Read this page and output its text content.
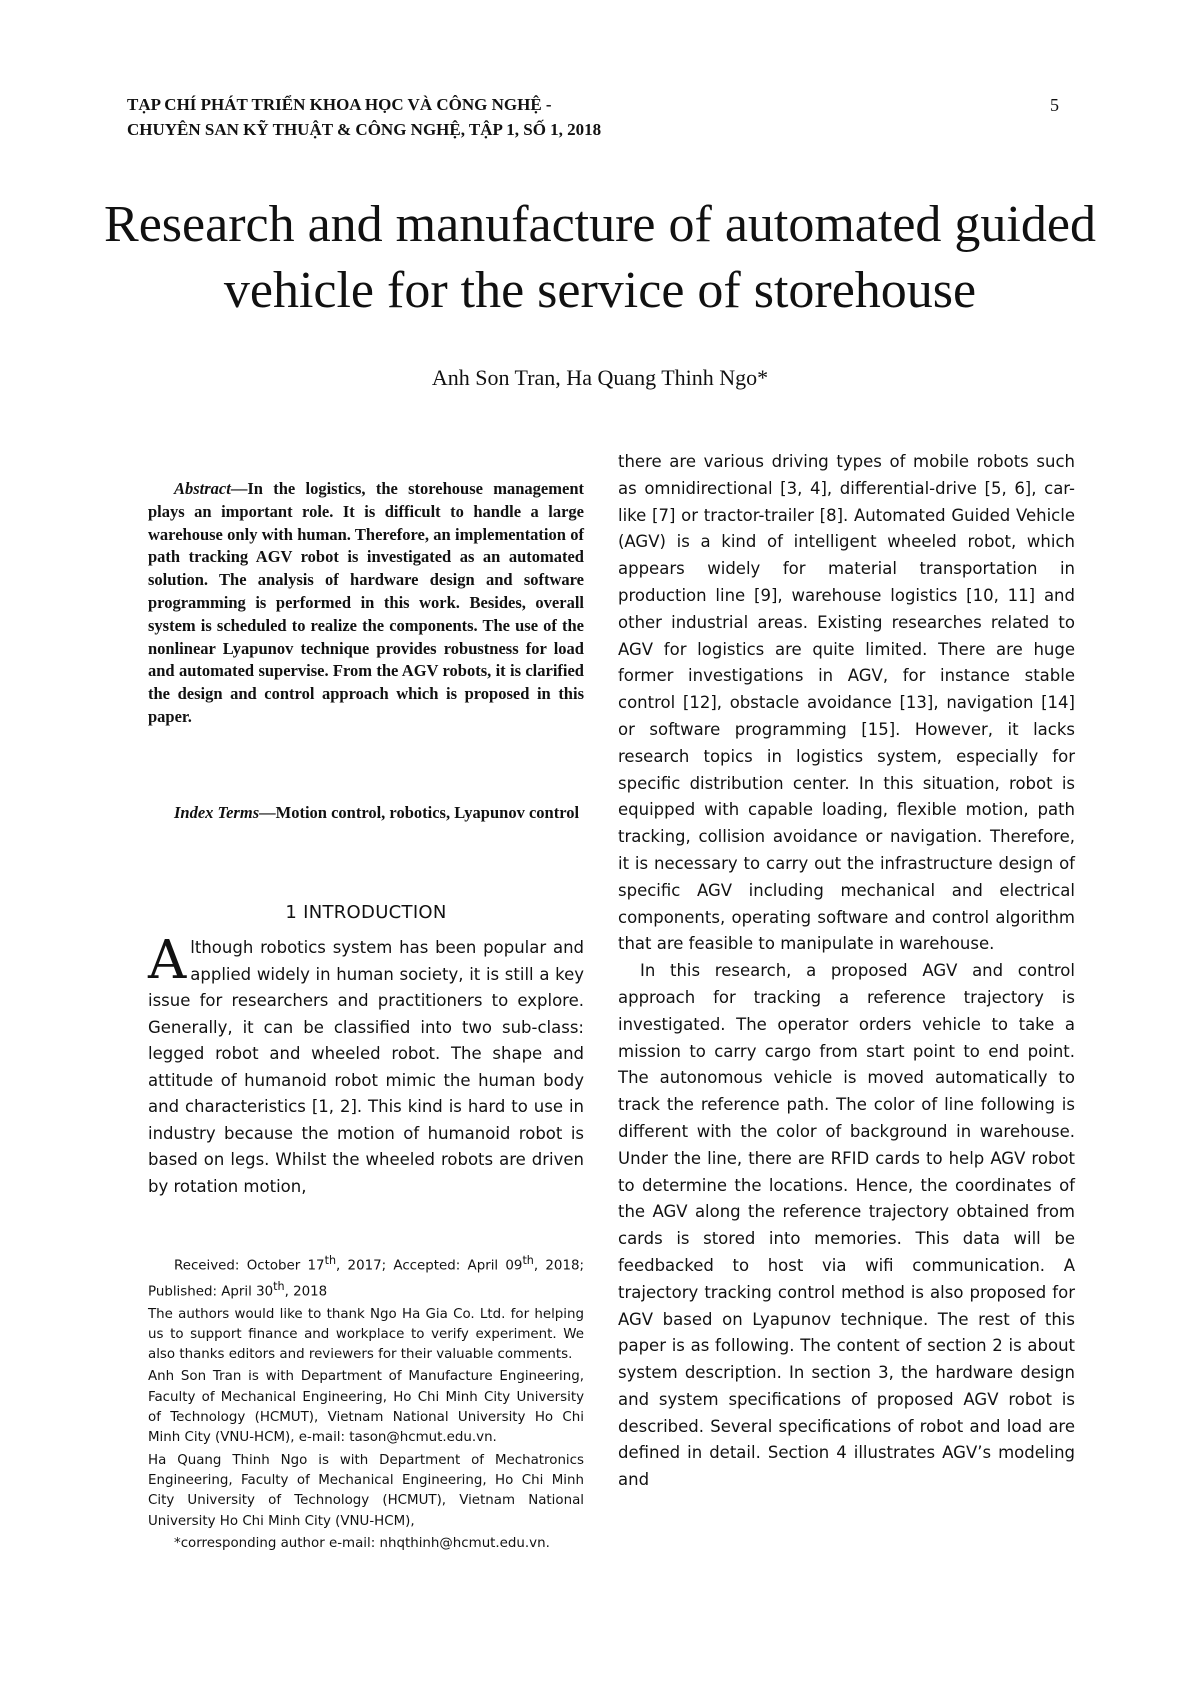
TẠP CHÍ PHÁT TRIỂN KHOA HỌC VÀ CÔNG NGHỆ -
CHUYÊN SAN KỸ THUẬT & CÔNG NGHỆ, TẬP 1, SỐ 1, 2018
5
Research and manufacture of automated guided
vehicle for the service of storehouse
Anh Son Tran, Ha Quang Thinh Ngo*
Abstract—In the logistics, the storehouse management plays an important role. It is difficult to handle a large warehouse only with human. Therefore, an implementation of path tracking AGV robot is investigated as an automated solution. The analysis of hardware design and software programming is performed in this work. Besides, overall system is scheduled to realize the components. The use of the nonlinear Lyapunov technique provides robustness for load and automated supervise. From the AGV robots, it is clarified the design and control approach which is proposed in this paper.
Index Terms—Motion control, robotics, Lyapunov control
1 INTRODUCTION
Although robotics system has been popular and applied widely in human society, it is still a key issue for researchers and practitioners to explore. Generally, it can be classified into two sub-class: legged robot and wheeled robot. The shape and attitude of humanoid robot mimic the human body and characteristics [1, 2]. This kind is hard to use in industry because the motion of humanoid robot is based on legs. Whilst the wheeled robots are driven by rotation motion,

Received: October 17th, 2017; Accepted: April 09th, 2018; Published: April 30th, 2018

The authors would like to thank Ngo Ha Gia Co. Ltd. for helping us to support finance and workplace to verify experiment. We also thanks editors and reviewers for their valuable comments.

Anh Son Tran is with Department of Manufacture Engineering, Faculty of Mechanical Engineering, Ho Chi Minh City University of Technology (HCMUT), Vietnam National University Ho Chi Minh City (VNU-HCM), e-mail: tason@hcmut.edu.vn.

Ha Quang Thinh Ngo is with Department of Mechatronics Engineering, Faculty of Mechanical Engineering, Ho Chi Minh City University of Technology (HCMUT), Vietnam National University Ho Chi Minh City (VNU-HCM),

*corresponding author e-mail: nhqthinh@hcmut.edu.vn.

there are various driving types of mobile robots such as omnidirectional [3, 4], differential-drive [5, 6], car-like [7] or tractor-trailer [8]. Automated Guided Vehicle (AGV) is a kind of intelligent wheeled robot, which appears widely for material transportation in production line [9], warehouse logistics [10, 11] and other industrial areas. Existing researches related to AGV for logistics are quite limited. There are huge former investigations in AGV, for instance stable control [12], obstacle avoidance [13], navigation [14] or software programming [15]. However, it lacks research topics in logistics system, especially for specific distribution center. In this situation, robot is equipped with capable loading, flexible motion, path tracking, collision avoidance or navigation. Therefore, it is necessary to carry out the infrastructure design of specific AGV including mechanical and electrical components, operating software and control algorithm that are feasible to manipulate in warehouse.

In this research, a proposed AGV and control approach for tracking a reference trajectory is investigated. The operator orders vehicle to take a mission to carry cargo from start point to end point. The autonomous vehicle is moved automatically to track the reference path. The color of line following is different with the color of background in warehouse. Under the line, there are RFID cards to help AGV robot to determine the locations. Hence, the coordinates of the AGV along the reference trajectory obtained from cards is stored into memories. This data will be feedbacked to host via wifi communication. A trajectory tracking control method is also proposed for AGV based on Lyapunov technique. The rest of this paper is as following. The content of section 2 is about system description. In section 3, the hardware design and system specifications of proposed AGV robot is described. Several specifications of robot and load are defined in detail. Section 4 illustrates AGV’s modeling and
